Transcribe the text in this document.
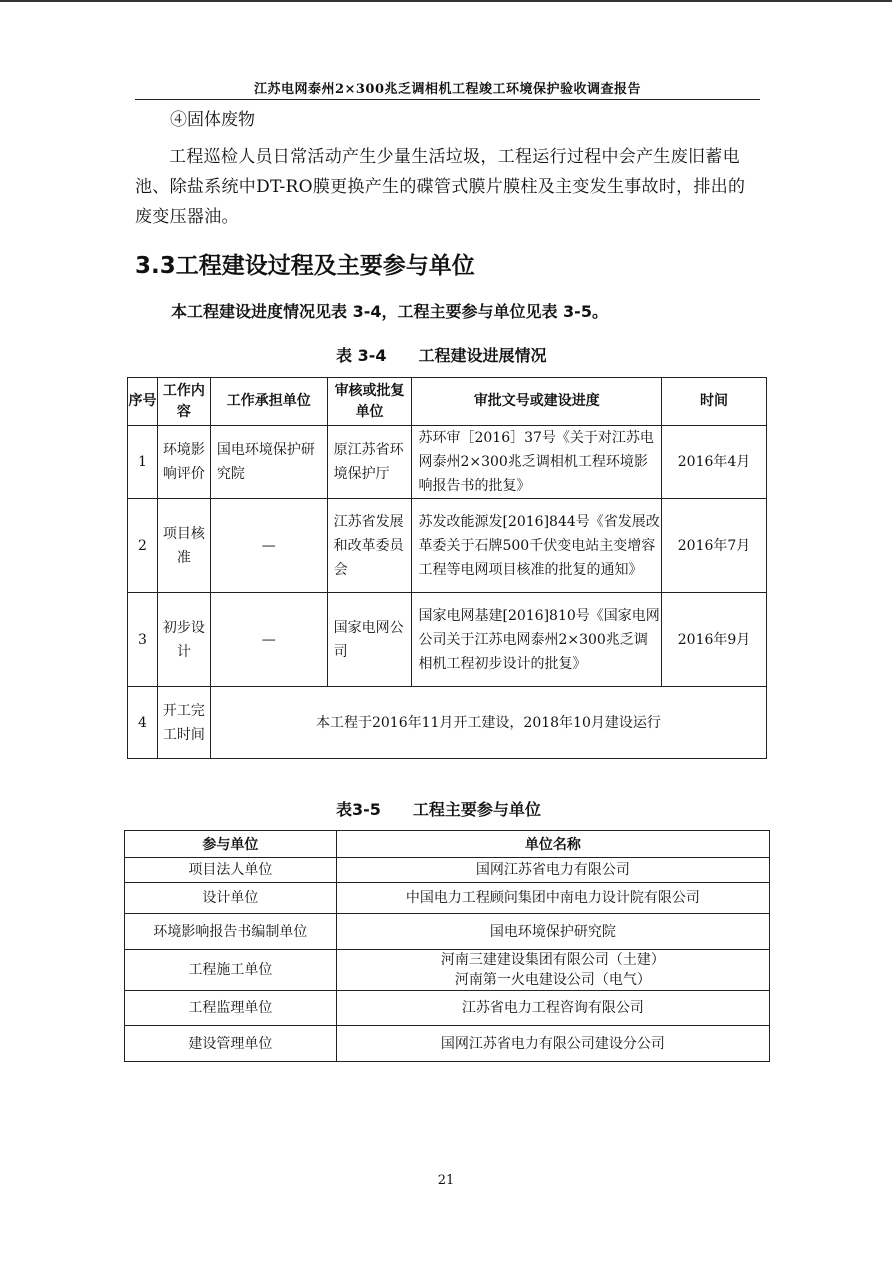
江苏电网泰州2×300兆乏调相机工程竣工环境保护验收调查报告
④固体废物
工程巡检人员日常活动产生少量生活垃圾，工程运行过程中会产生废旧蓄电池、除盐系统中DT-RO膜更换产生的碟管式膜片膜柱及主变发生事故时，排出的废变压器油。
3.3工程建设过程及主要参与单位
本工程建设进度情况见表 3-4，工程主要参与单位见表 3-5。
表 3-4　　工程建设进展情况
序号	工作内容	工作承担单位	审核或批复单位	审批文号或建设进度	时间
1	环境影响评价	国电环境保护研究院	原江苏省环境保护厅	苏环审［2016］37号《关于对江苏电网泰州2×300兆乏调相机工程环境影响报告书的批复》	2016年4月
2	项目核准	—	江苏省发展和改革委员会	苏发改能源发[2016]844号《省发展改革委关于石牌500千伏变电站主变增容工程等电网项目核准的批复的通知》	2016年7月
3	初步设计	—	国家电网公司	国家电网基建[2016]810号《国家电网公司关于江苏电网泰州2×300兆乏调相机工程初步设计的批复》	2016年9月
4	开工完工时间	本工程于2016年11月开工建设，2018年10月建设运行			
表3-5　　工程主要参与单位
参与单位	单位名称
项目法人单位	国网江苏省电力有限公司
设计单位	中国电力工程顾问集团中南电力设计院有限公司
环境影响报告书编制单位	国电环境保护研究院
工程施工单位	河南三建建设集团有限公司（土建）
河南第一火电建设公司（电气）

工程监理单位	江苏省电力工程咨询有限公司
建设管理单位	国网江苏省电力有限公司建设分公司
21
